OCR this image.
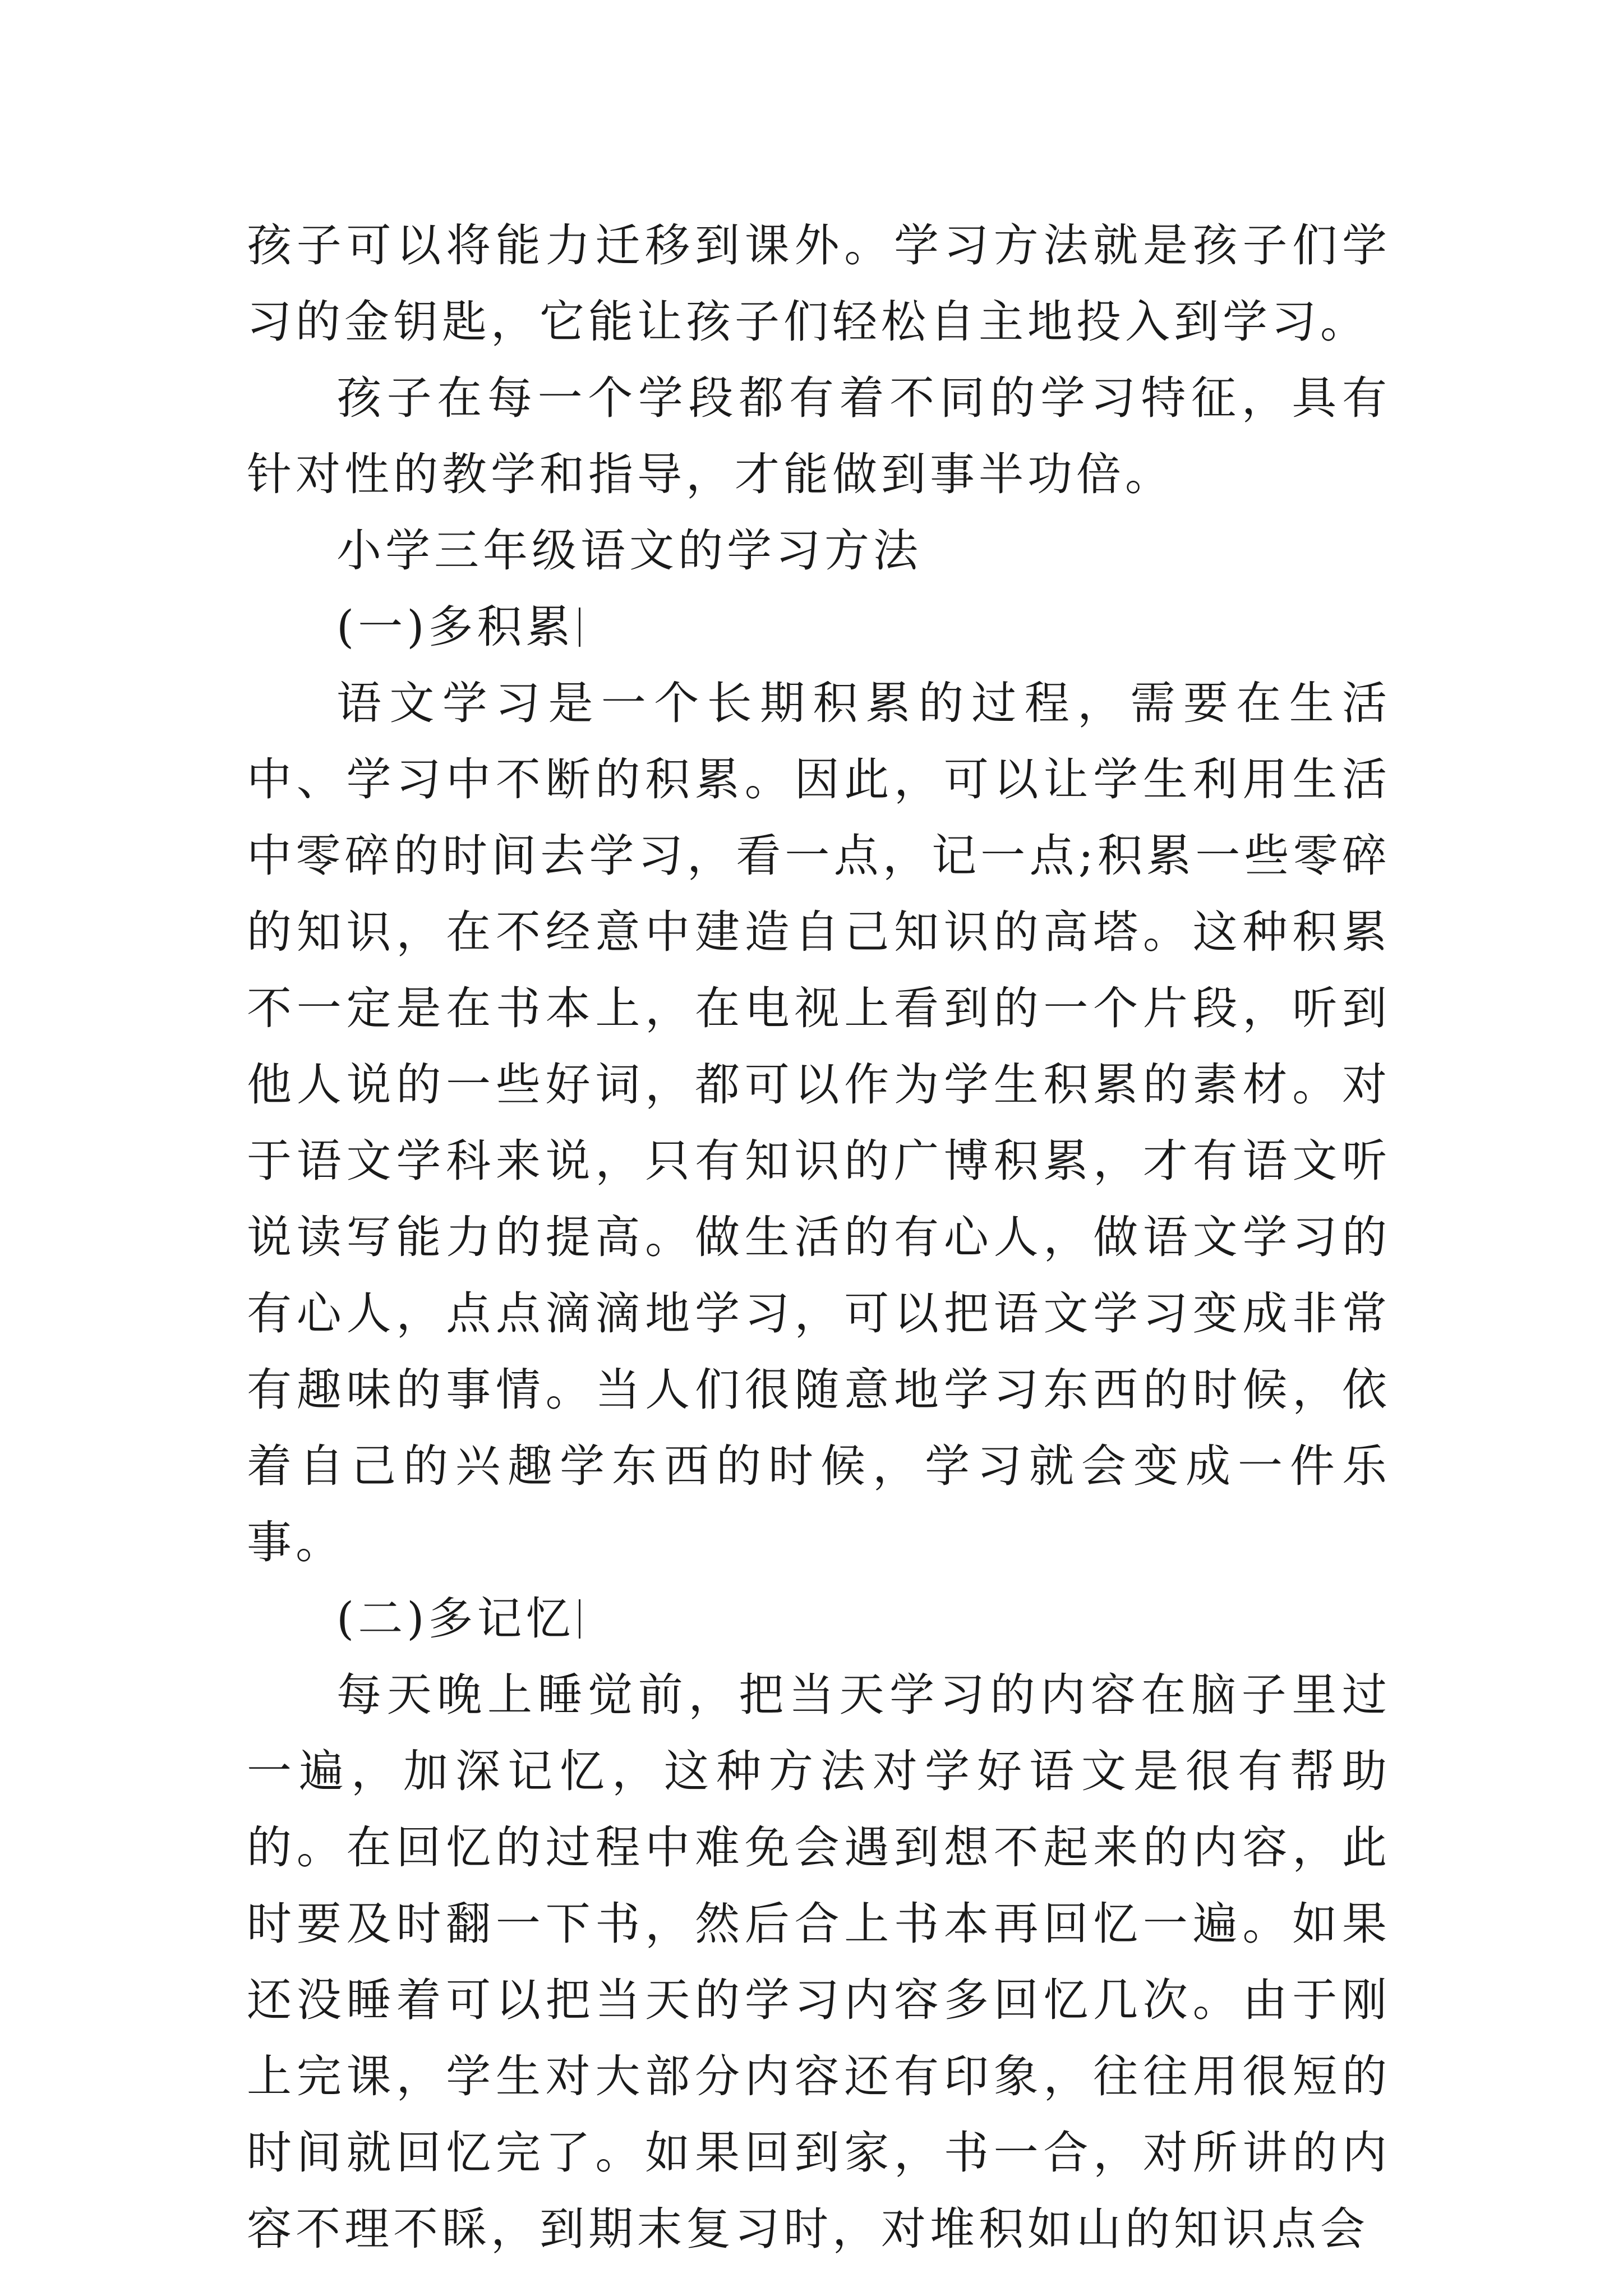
孩子可以将能力迁移到课外。学习方法就是孩子们学习的金钥匙，它能让孩子们轻松自主地投入到学习。

孩子在每一个学段都有着不同的学习特征，具有针对性的教学和指导，才能做到事半功倍。

小学三年级语文的学习方法

(一)多积累

语文学习是一个长期积累的过程，需要在生活中、学习中不断的积累。因此，可以让学生利用生活中零碎的时间去学习，看一点，记一点;积累一些零碎的知识，在不经意中建造自己知识的高塔。这种积累不一定是在书本上，在电视上看到的一个片段，听到他人说的一些好词，都可以作为学生积累的素材。对于语文学科来说，只有知识的广博积累，才有语文听说读写能力的提高。做生活的有心人，做语文学习的有心人，点点滴滴地学习，可以把语文学习变成非常有趣味的事情。当人们很随意地学习东西的时候，依着自己的兴趣学东西的时候，学习就会变成一件乐事。

(二)多记忆

每天晚上睡觉前，把当天学习的内容在脑子里过一遍，加深记忆，这种方法对学好语文是很有帮助的。在回忆的过程中难免会遇到想不起来的内容，此时要及时翻一下书，然后合上书本再回忆一遍。如果还没睡着可以把当天的学习内容多回忆几次。由于刚上完课，学生对大部分内容还有印象，往往用很短的时间就回忆完了。如果回到家，书一合，对所讲的内容不理不睬，到期末复习时，对堆积如山的知识点会
